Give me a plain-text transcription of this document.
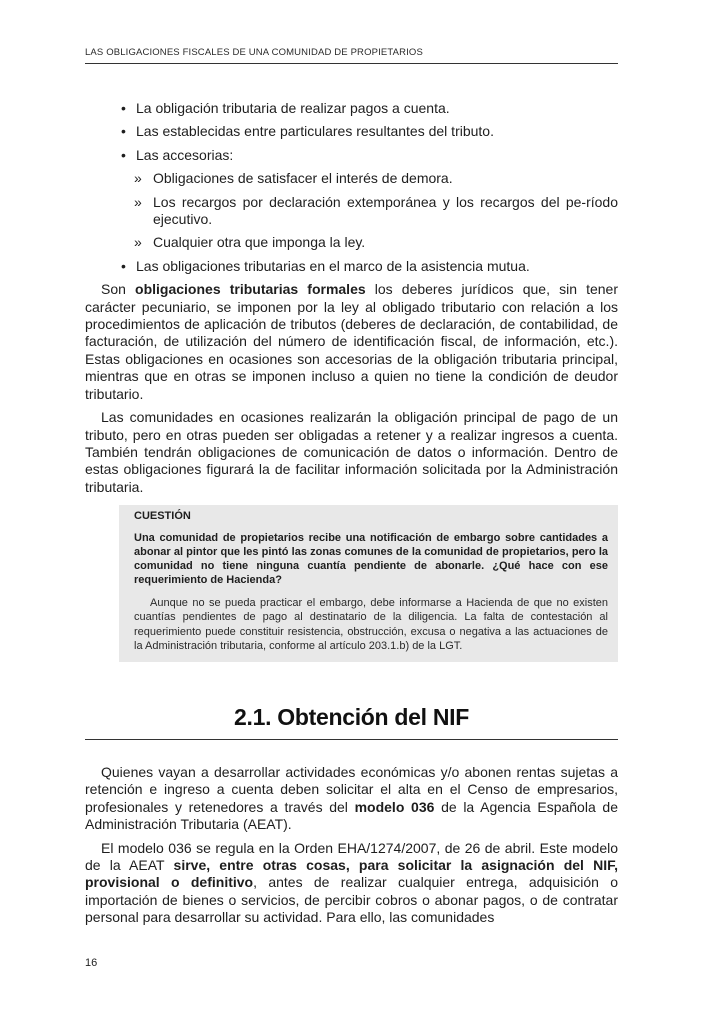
LAS OBLIGACIONES FISCALES DE UNA COMUNIDAD DE PROPIETARIOS
• La obligación tributaria de realizar pagos a cuenta.
• Las establecidas entre particulares resultantes del tributo.
• Las accesorias:
» Obligaciones de satisfacer el interés de demora.
» Los recargos por declaración extemporánea y los recargos del pe-ríodo ejecutivo.
» Cualquier otra que imponga la ley.
• Las obligaciones tributarias en el marco de la asistencia mutua.

Son obligaciones tributarias formales los deberes jurídicos que, sin tener carácter pecuniario, se imponen por la ley al obligado tributario con relación a los procedimientos de aplicación de tributos (deberes de declaración, de contabilidad, de facturación, de utilización del número de identificación fiscal, de información, etc.). Estas obligaciones en ocasiones son accesorias de la obligación tributaria principal, mientras que en otras se imponen incluso a quien no tiene la condición de deudor tributario.

Las comunidades en ocasiones realizarán la obligación principal de pago de un tributo, pero en otras pueden ser obligadas a retener y a realizar ingresos a cuenta. También tendrán obligaciones de comunicación de datos o información. Dentro de estas obligaciones figurará la de facilitar información solicitada por la Administración tributaria.

CUESTIÓN
Una comunidad de propietarios recibe una notificación de embargo sobre cantidades a abonar al pintor que les pintó las zonas comunes de la comunidad de propietarios, pero la comunidad no tiene ninguna cuantía pendiente de abonarle. ¿Qué hace con ese requerimiento de Hacienda?
Aunque no se pueda practicar el embargo, debe informarse a Hacienda de que no existen cuantías pendientes de pago al destinatario de la diligencia. La falta de contestación al requerimiento puede constituir resistencia, obstrucción, excusa o negativa a las actuaciones de la Administración tributaria, conforme al artículo 203.1.b) de la LGT.
2.1. Obtención del NIF

Quienes vayan a desarrollar actividades económicas y/o abonen rentas sujetas a retención e ingreso a cuenta deben solicitar el alta en el Censo de empresarios, profesionales y retenedores a través del modelo 036 de la Agencia Española de Administración Tributaria (AEAT).

El modelo 036 se regula en la Orden EHA/1274/2007, de 26 de abril. Este modelo de la AEAT sirve, entre otras cosas, para solicitar la asignación del NIF, provisional o definitivo, antes de realizar cualquier entrega, adquisición o importación de bienes o servicios, de percibir cobros o abonar pagos, o de contratar personal para desarrollar su actividad. Para ello, las comunidades

16
